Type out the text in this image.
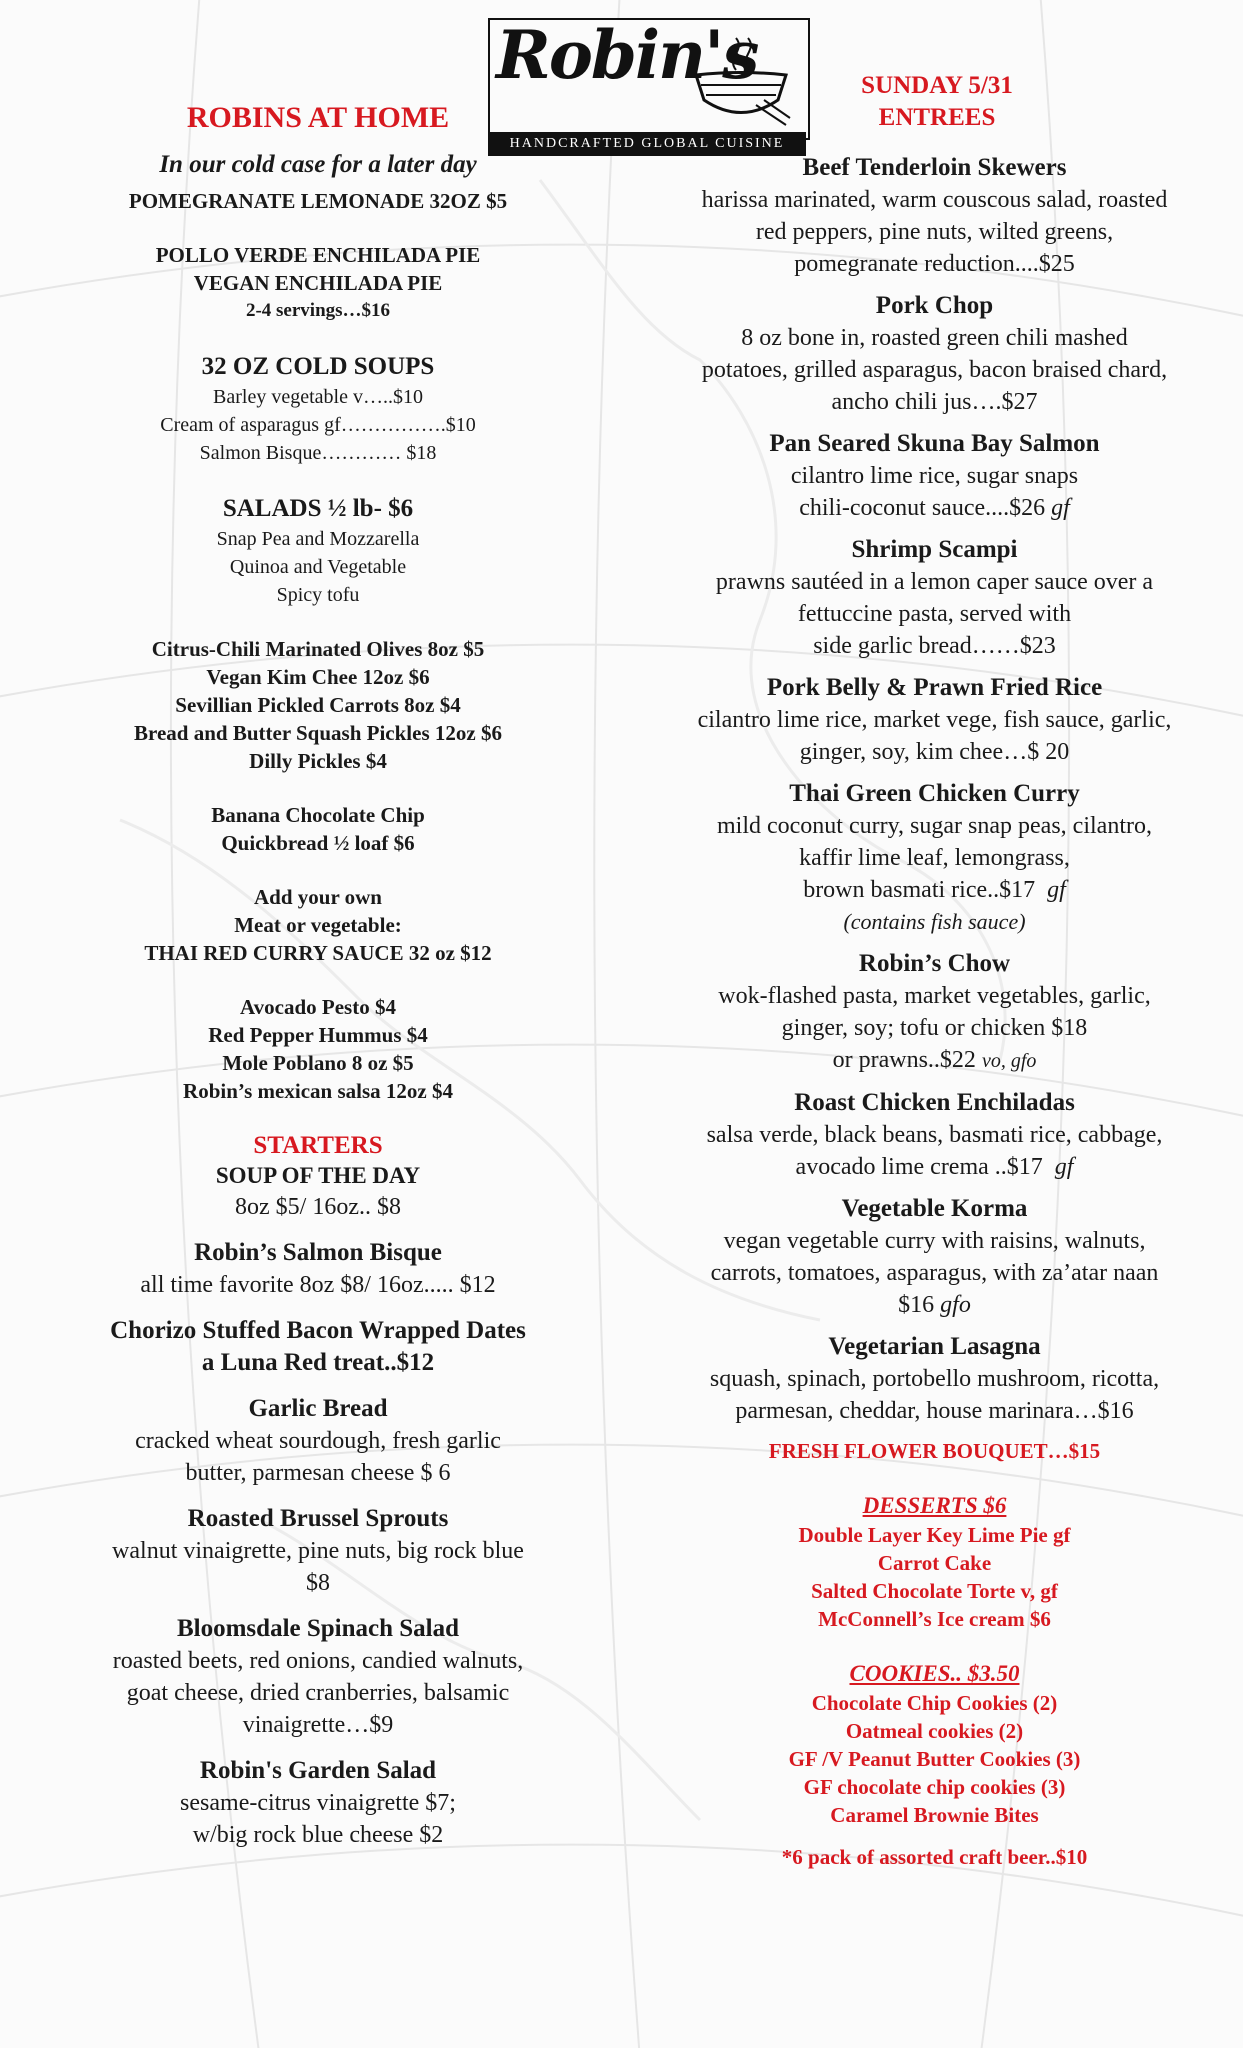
Robin's
HANDCRAFTED GLOBAL CUISINE
SUNDAY 5/31
ENTREES
ROBINS AT HOME
In our cold case for a later day
POMEGRANATE LEMONADE 32OZ $5
POLLO VERDE ENCHILADA PIE
VEGAN ENCHILADA PIE
2-4 servings…$16
32 OZ COLD SOUPS
Barley vegetable v…..$10
Cream of asparagus gf…………….$10
Salmon Bisque………… $18
SALADS ½ lb- $6
Snap Pea and Mozzarella
Quinoa and Vegetable
Spicy tofu
Citrus-Chili Marinated Olives 8oz $5
Vegan Kim Chee 12oz $6
Sevillian Pickled Carrots 8oz $4
Bread and Butter Squash Pickles 12oz $6
Dilly Pickles $4
Banana Chocolate Chip
Quickbread ½ loaf $6
Add your own
Meat or vegetable:
THAI RED CURRY SAUCE 32 oz $12
Avocado Pesto $4
Red Pepper Hummus $4
Mole Poblano 8 oz $5
Robin’s mexican salsa 12oz $4
STARTERS
SOUP OF THE DAY
8oz $5/ 16oz.. $8
Robin’s Salmon Bisque
all time favorite 8oz $8/ 16oz..... $12
Chorizo Stuffed Bacon Wrapped Dates
a Luna Red treat..$12
Garlic Bread
cracked wheat sourdough, fresh garlic
butter, parmesan cheese $ 6
Roasted Brussel Sprouts
walnut vinaigrette, pine nuts, big rock blue
$8
Bloomsdale Spinach Salad
roasted beets, red onions, candied walnuts,
goat cheese, dried cranberries, balsamic
vinaigrette…$9
Robin's Garden Salad
sesame-citrus vinaigrette $7;
w/big rock blue cheese $2
Beef Tenderloin Skewers
harissa marinated, warm couscous salad, roasted
red peppers, pine nuts, wilted greens,
pomegranate reduction....$25
Pork Chop
8 oz bone in, roasted green chili mashed
potatoes, grilled asparagus, bacon braised chard,
ancho chili jus….$27
Pan Seared Skuna Bay Salmon
cilantro lime rice, sugar snaps
chili-coconut sauce....$26 gf
Shrimp Scampi
prawns sautéed in a lemon caper sauce over a
fettuccine pasta, served with
side garlic bread……$23
Pork Belly & Prawn Fried Rice
cilantro lime rice, market vege, fish sauce, garlic,
ginger, soy, kim chee…$ 20
Thai Green Chicken Curry
mild coconut curry, sugar snap peas, cilantro,
kaffir lime leaf, lemongrass,
brown basmati rice..$17 gf
(contains fish sauce)
Robin’s Chow
wok-flashed pasta, market vegetables, garlic,
ginger, soy; tofu or chicken $18
or prawns..$22 vo, gfo
Roast Chicken Enchiladas
salsa verde, black beans, basmati rice, cabbage,
avocado lime crema ..$17 gf
Vegetable Korma
vegan vegetable curry with raisins, walnuts,
carrots, tomatoes, asparagus, with za’atar naan
$16 gfo
Vegetarian Lasagna
squash, spinach, portobello mushroom, ricotta,
parmesan, cheddar, house marinara…$16
FRESH FLOWER BOUQUET…$15
DESSERTS $6
Double Layer Key Lime Pie gf
Carrot Cake
Salted Chocolate Torte v, gf
McConnell’s Ice cream $6
COOKIES.. $3.50
Chocolate Chip Cookies (2)
Oatmeal cookies (2)
GF /V Peanut Butter Cookies (3)
GF chocolate chip cookies (3)
Caramel Brownie Bites
*6 pack of assorted craft beer..$10
